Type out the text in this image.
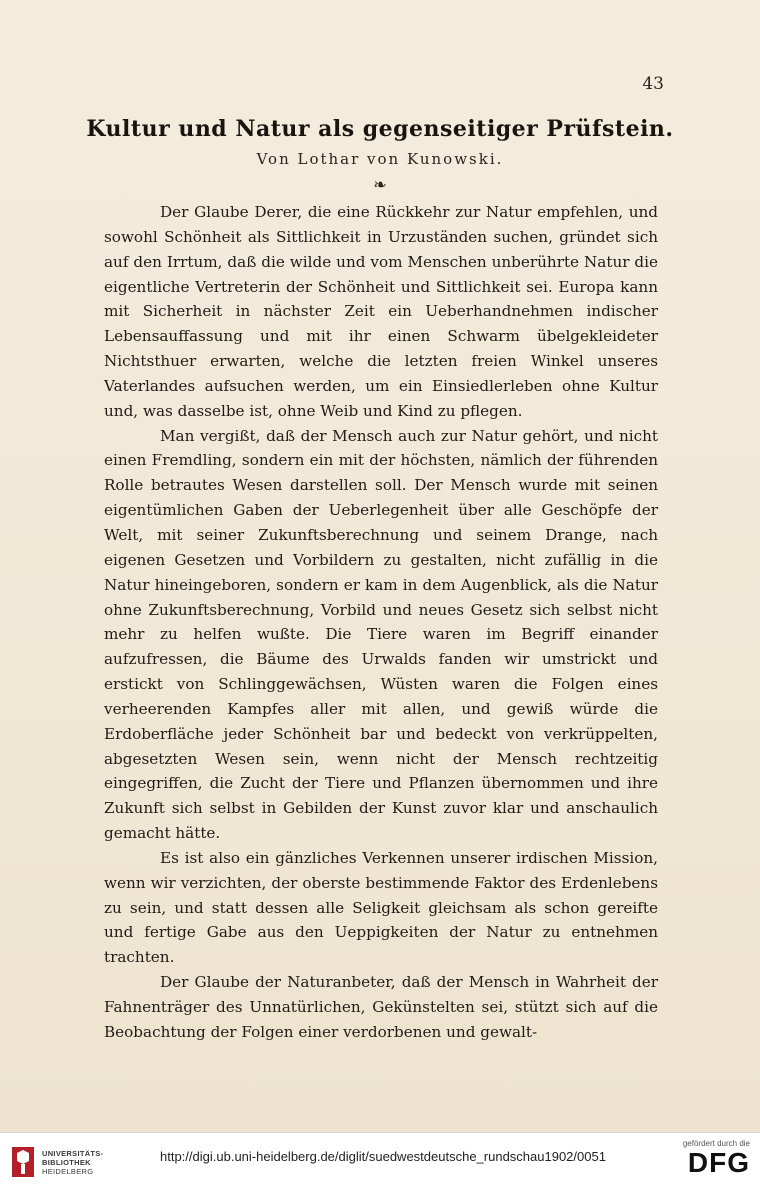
43
Kultur und Natur als gegenseitiger Prüfstein.
Von Lothar von Kunowski.
❧

Der Glaube Derer, die eine Rückkehr zur Natur empfehlen, und sowohl Schönheit als Sittlichkeit in Urzuständen suchen, gründet sich auf den Irrtum, daß die wilde und vom Menschen unberührte Natur die eigentliche Vertreterin der Schönheit und Sittlichkeit sei. Europa kann mit Sicherheit in nächster Zeit ein Ueberhandnehmen indischer Lebensauffassung und mit ihr einen Schwarm übelgekleideter Nichtsthuer erwarten, welche die letzten freien Winkel unseres Vaterlandes aufsuchen werden, um ein Einsiedlerleben ohne Kultur und, was dasselbe ist, ohne Weib und Kind zu pflegen.

Man vergißt, daß der Mensch auch zur Natur gehört, und nicht einen Fremdling, sondern ein mit der höchsten, nämlich der führenden Rolle betrautes Wesen darstellen soll. Der Mensch wurde mit seinen eigentümlichen Gaben der Ueberlegenheit über alle Geschöpfe der Welt, mit seiner Zukunftsberechnung und seinem Drange, nach eigenen Gesetzen und Vorbildern zu gestalten, nicht zufällig in die Natur hineingeboren, sondern er kam in dem Augenblick, als die Natur ohne Zukunftsberechnung, Vorbild und neues Gesetz sich selbst nicht mehr zu helfen wußte. Die Tiere waren im Begriff einander aufzufressen, die Bäume des Urwalds fanden wir umstrickt und erstickt von Schlinggewächsen, Wüsten waren die Folgen eines verheerenden Kampfes aller mit allen, und gewiß würde die Erdoberfläche jeder Schönheit bar und bedeckt von verkrüppelten, abgesetzten Wesen sein, wenn nicht der Mensch rechtzeitig eingegriffen, die Zucht der Tiere und Pflanzen übernommen und ihre Zukunft sich selbst in Gebilden der Kunst zuvor klar und anschaulich gemacht hätte.

Es ist also ein gänzliches Verkennen unserer irdischen Mission, wenn wir verzichten, der oberste bestimmende Faktor des Erdenlebens zu sein, und statt dessen alle Seligkeit gleichsam als schon gereifte und fertige Gabe aus den Ueppigkeiten der Natur zu entnehmen trachten.

Der Glaube der Naturanbeter, daß der Mensch in Wahrheit der Fahnenträger des Unnatürlichen, Gekünstelten sei, stützt sich auf die Beobachtung der Folgen einer verdorbenen und gewalt-

UNIVERSITÄTS-
BIBLIOTHEK
HEIDELBERG
http://digi.ub.uni-heidelberg.de/diglit/suedwestdeutsche_rundschau1902/0051
gefördert durch die
DFG
